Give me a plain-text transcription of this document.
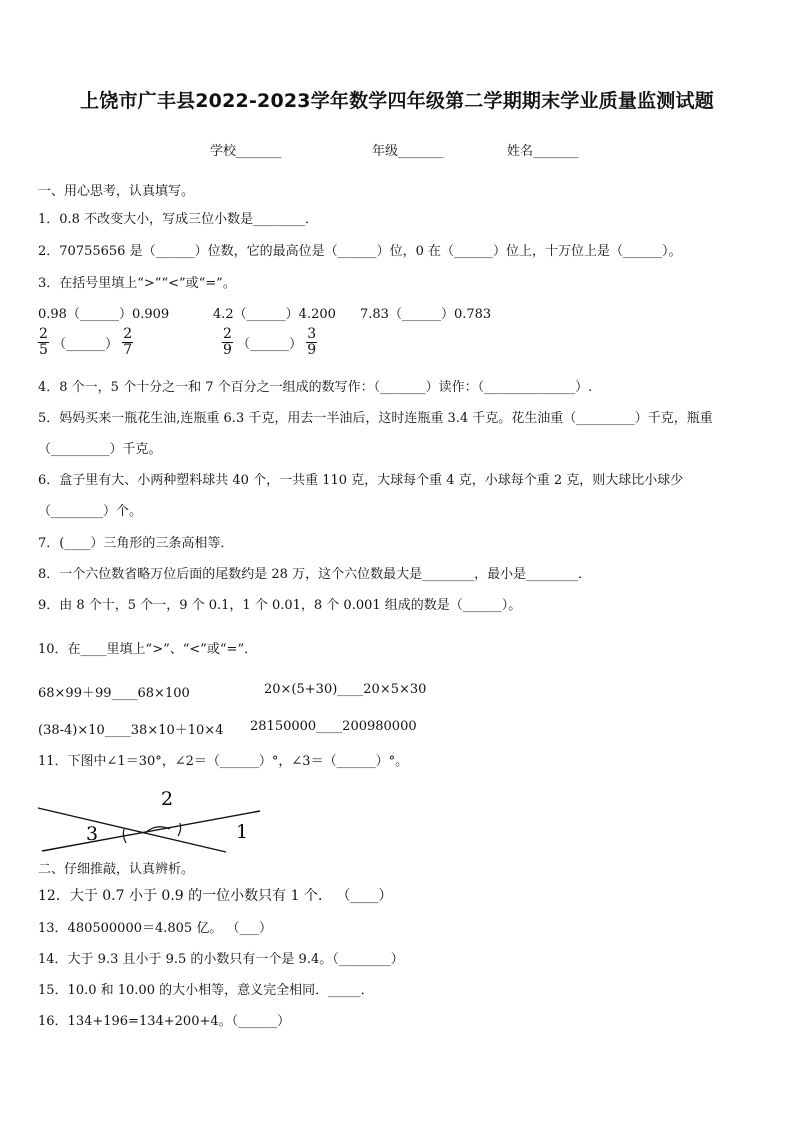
上饶市广丰县2022-2023学年数学四年级第二学期期末学业质量监测试题
学校_______	年级_______	姓名_______
一、用心思考，认真填写。
1．0.8 不改变大小，写成三位小数是________．
2．70755656 是（______）位数，它的最高位是（______）位，0 在（______）位上，十万位上是（______）。
3．在括号里填上“>”“<”或“=”。
0.98（______）0.909	4.2（______）4.200 7.83（______）0.783
$\frac{2}{5}$ （______） $\frac{2}{7}$	$\frac{2}{9}$ （______） $\frac{3}{9}$
4．8 个一，5 个十分之一和 7 个百分之一组成的数写作：（_______）读作：（______________）.
5．妈妈买来一瓶花生油,连瓶重 6.3 千克，用去一半油后，这时连瓶重 3.4 千克。花生油重（_________）千克，瓶重
（_________）千克。
6．盒子里有大、小两种塑料球共 40 个，一共重 110 克，大球每个重 4 克，小球每个重 2 克，则大球比小球少
（________）个。
7．(____）三角形的三条高相等．
8．一个六位数省略万位后面的尾数约是 28 万，这个六位数最大是________，最小是________．
9．由 8 个十，5 个一，9 个 0.1，1 个 0.01，8 个 0.001 组成的数是（______）。
10．在____里填上“>”、“<”或“=”．
68×99＋99____68×100	20×(5+30)____20×5×30
(38-4)×10____38×10＋10×4 28150000____200980000
11．下图中∠1＝30°，∠2＝（______）°，∠3＝（______）°。
2
3	1
二、仔细推敲，认真辨析。
12．大于 0.7 小于 0.9 的一位小数只有 1 个． （____）
13．480500000＝4.805 亿。 （___）
14．大于 9.3 且小于 9.5 的小数只有一个是 9.4。（________）
15．10.0 和 10.00 的大小相等，意义完全相同．_____．
16．134+196=134+200+4。（______）
